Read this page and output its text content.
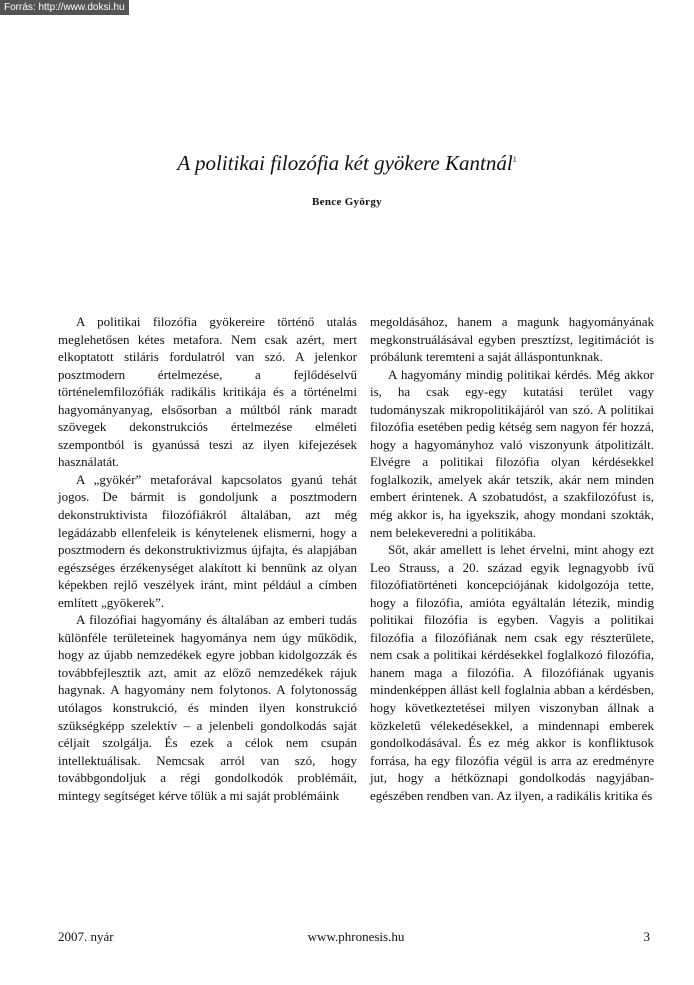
Forrás: http://www.doksi.hu
A politikai filozófia két gyökere Kantnál$^1$
Bence György

A politikai filozófia gyökereire történő utalás meglehetősen kétes metafora. Nem csak azért, mert elkoptatott stiláris fordulatról van szó. A jelenkor posztmodern értelmezése, a fejlődéselvű történelemfilozófiák radikális kritikája és a történelmi hagyományanyag, elsősorban a múltból ránk maradt szövegek dekonstrukciós értelmezése elméleti szempontból is gyanússá teszi az ilyen kifejezések használatát.

A „gyökér” metaforával kapcsolatos gyanú tehát jogos. De bármit is gondoljunk a posztmodern dekonstruktivista filozófiákról általában, azt még legádázabb ellenfeleik is kénytelenek elismerni, hogy a posztmodern és dekonstruktivizmus újfajta, és alapjában egészséges érzékenységet alakított ki bennünk az olyan képekben rejlő veszélyek iránt, mint például a címben említett „gyökerek”.

A filozófiai hagyomány és általában az emberi tudás különféle területeinek hagyománya nem úgy működik, hogy az újabb nemzedékek egyre jobban kidolgozzák és továbbfejlesztik azt, amit az előző nemzedékek rájuk hagynak. A hagyomány nem folytonos. A folytonosság utólagos konstrukció, és minden ilyen konstrukció szükségképp szelektív – a jelenbeli gondolkodás saját céljait szolgálja. És ezek a célok nem csupán intellektuálisak. Nemcsak arról van szó, hogy továbbgondoljuk a régi gondolkodók problémáit, mintegy segítséget kérve tőlük a mi saját problémáink

megoldásához, hanem a magunk hagyományának megkonstruálásával egyben presztízst, legitimációt is próbálunk teremteni a saját álláspontunknak.

A hagyomány mindig politikai kérdés. Még akkor is, ha csak egy-egy kutatási terület vagy tudományszak mikropolitikájáról van szó. A politikai filozófia esetében pedig kétség sem nagyon fér hozzá, hogy a hagyományhoz való viszonyunk átpolitizált. Elvégre a politikai filozófia olyan kérdésekkel foglalkozik, amelyek akár tetszik, akár nem minden embert érintenek. A szobatudóst, a szakfilozófust is, még akkor is, ha igyekszik, ahogy mondani szokták, nem belekeveredni a politikába.

Sőt, akár amellett is lehet érvelni, mint ahogy ezt Leo Strauss, a 20. század egyik legnagyobb ívű filozófiatörténeti koncepciójának kidolgozója tette, hogy a filozófia, amióta egyáltalán létezik, mindig politikai filozófia is egyben. Vagyis a politikai filozófia a filozófiának nem csak egy részterülete, nem csak a politikai kérdésekkel foglalkozó filozófia, hanem maga a filozófia. A filozófiának ugyanis mindenképpen állást kell foglalnia abban a kérdésben, hogy következtetései milyen viszonyban állnak a közkeletű vélekedésekkel, a mindennapi emberek gondolkodásával. És ez még akkor is konfliktusok forrása, ha egy filozófia végül is arra az eredményre jut, hogy a hétköznapi gondolkodás nagyjában-egészében rendben van. Az ilyen, a radikális kritika és

2007. nyár	www.phronesis.hu	3
